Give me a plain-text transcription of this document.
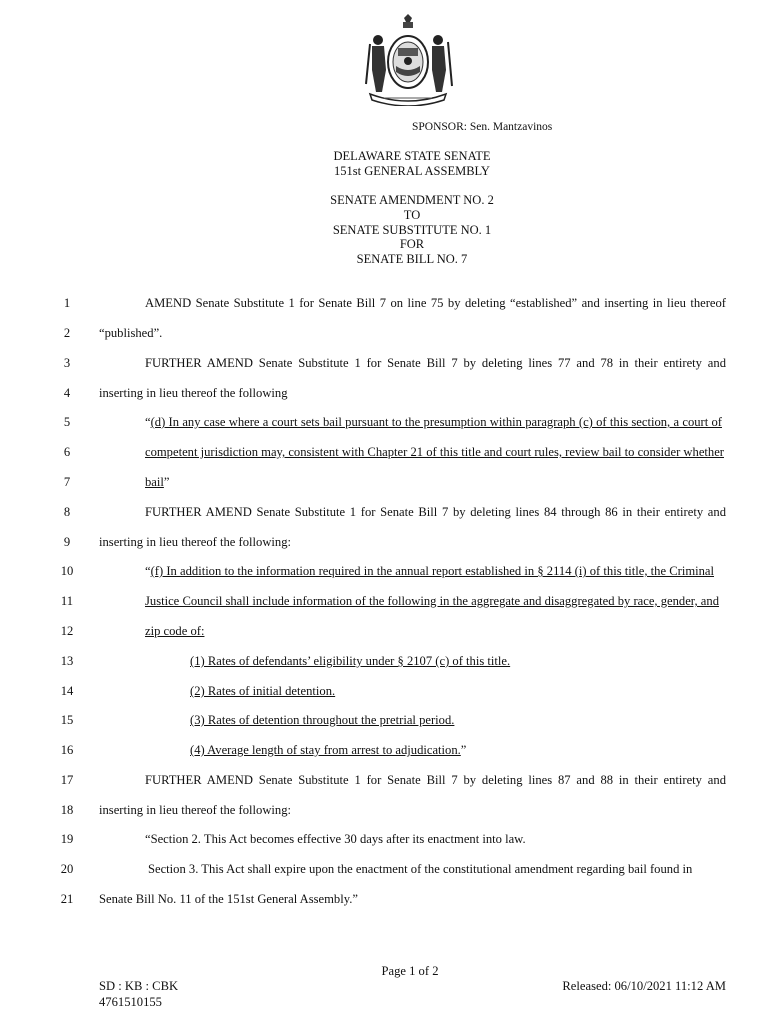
SPONSOR: Sen. Mantzavinos
DELAWARE STATE SENATE
151st GENERAL ASSEMBLY
SENATE AMENDMENT NO. 2
TO
SENATE SUBSTITUTE NO. 1
FOR
SENATE BILL NO. 7
1	AMEND Senate Substitute 1 for Senate Bill 7 on line 75 by deleting “established” and inserting in lieu thereof
2	“published”.
3	FURTHER AMEND Senate Substitute 1 for Senate Bill 7 by deleting lines 77 and 78 in their entirety and
4	inserting in lieu thereof the following
5	“(d) In any case where a court sets bail pursuant to the presumption within paragraph (c) of this section, a court of
6	competent jurisdiction may, consistent with Chapter 21 of this title and court rules, review bail to consider whether
7	bail”
8	FURTHER AMEND Senate Substitute 1 for Senate Bill 7 by deleting lines 84 through 86 in their entirety and
9	inserting in lieu thereof the following:
10	“(f) In addition to the information required in the annual report established in § 2114 (i) of this title, the Criminal
11	Justice Council shall include information of the following in the aggregate and disaggregated by race, gender, and
12	zip code of:
13	(1) Rates of defendants’ eligibility under § 2107 (c) of this title.
14	(2) Rates of initial detention.
15	(3) Rates of detention throughout the pretrial period.
16	(4) Average length of stay from arrest to adjudication.”
17	FURTHER AMEND Senate Substitute 1 for Senate Bill 7 by deleting lines 87 and 88 in their entirety and
18	inserting in lieu thereof the following:
19	“Section 2. This Act becomes effective 30 days after its enactment into law.
20	Section 3. This Act shall expire upon the enactment of the constitutional amendment regarding bail found in
21	Senate Bill No. 11 of the 151st General Assembly.”
Page 1 of 2
SD : KB : CBK
4761510155
Released: 06/10/2021 11:12 AM
